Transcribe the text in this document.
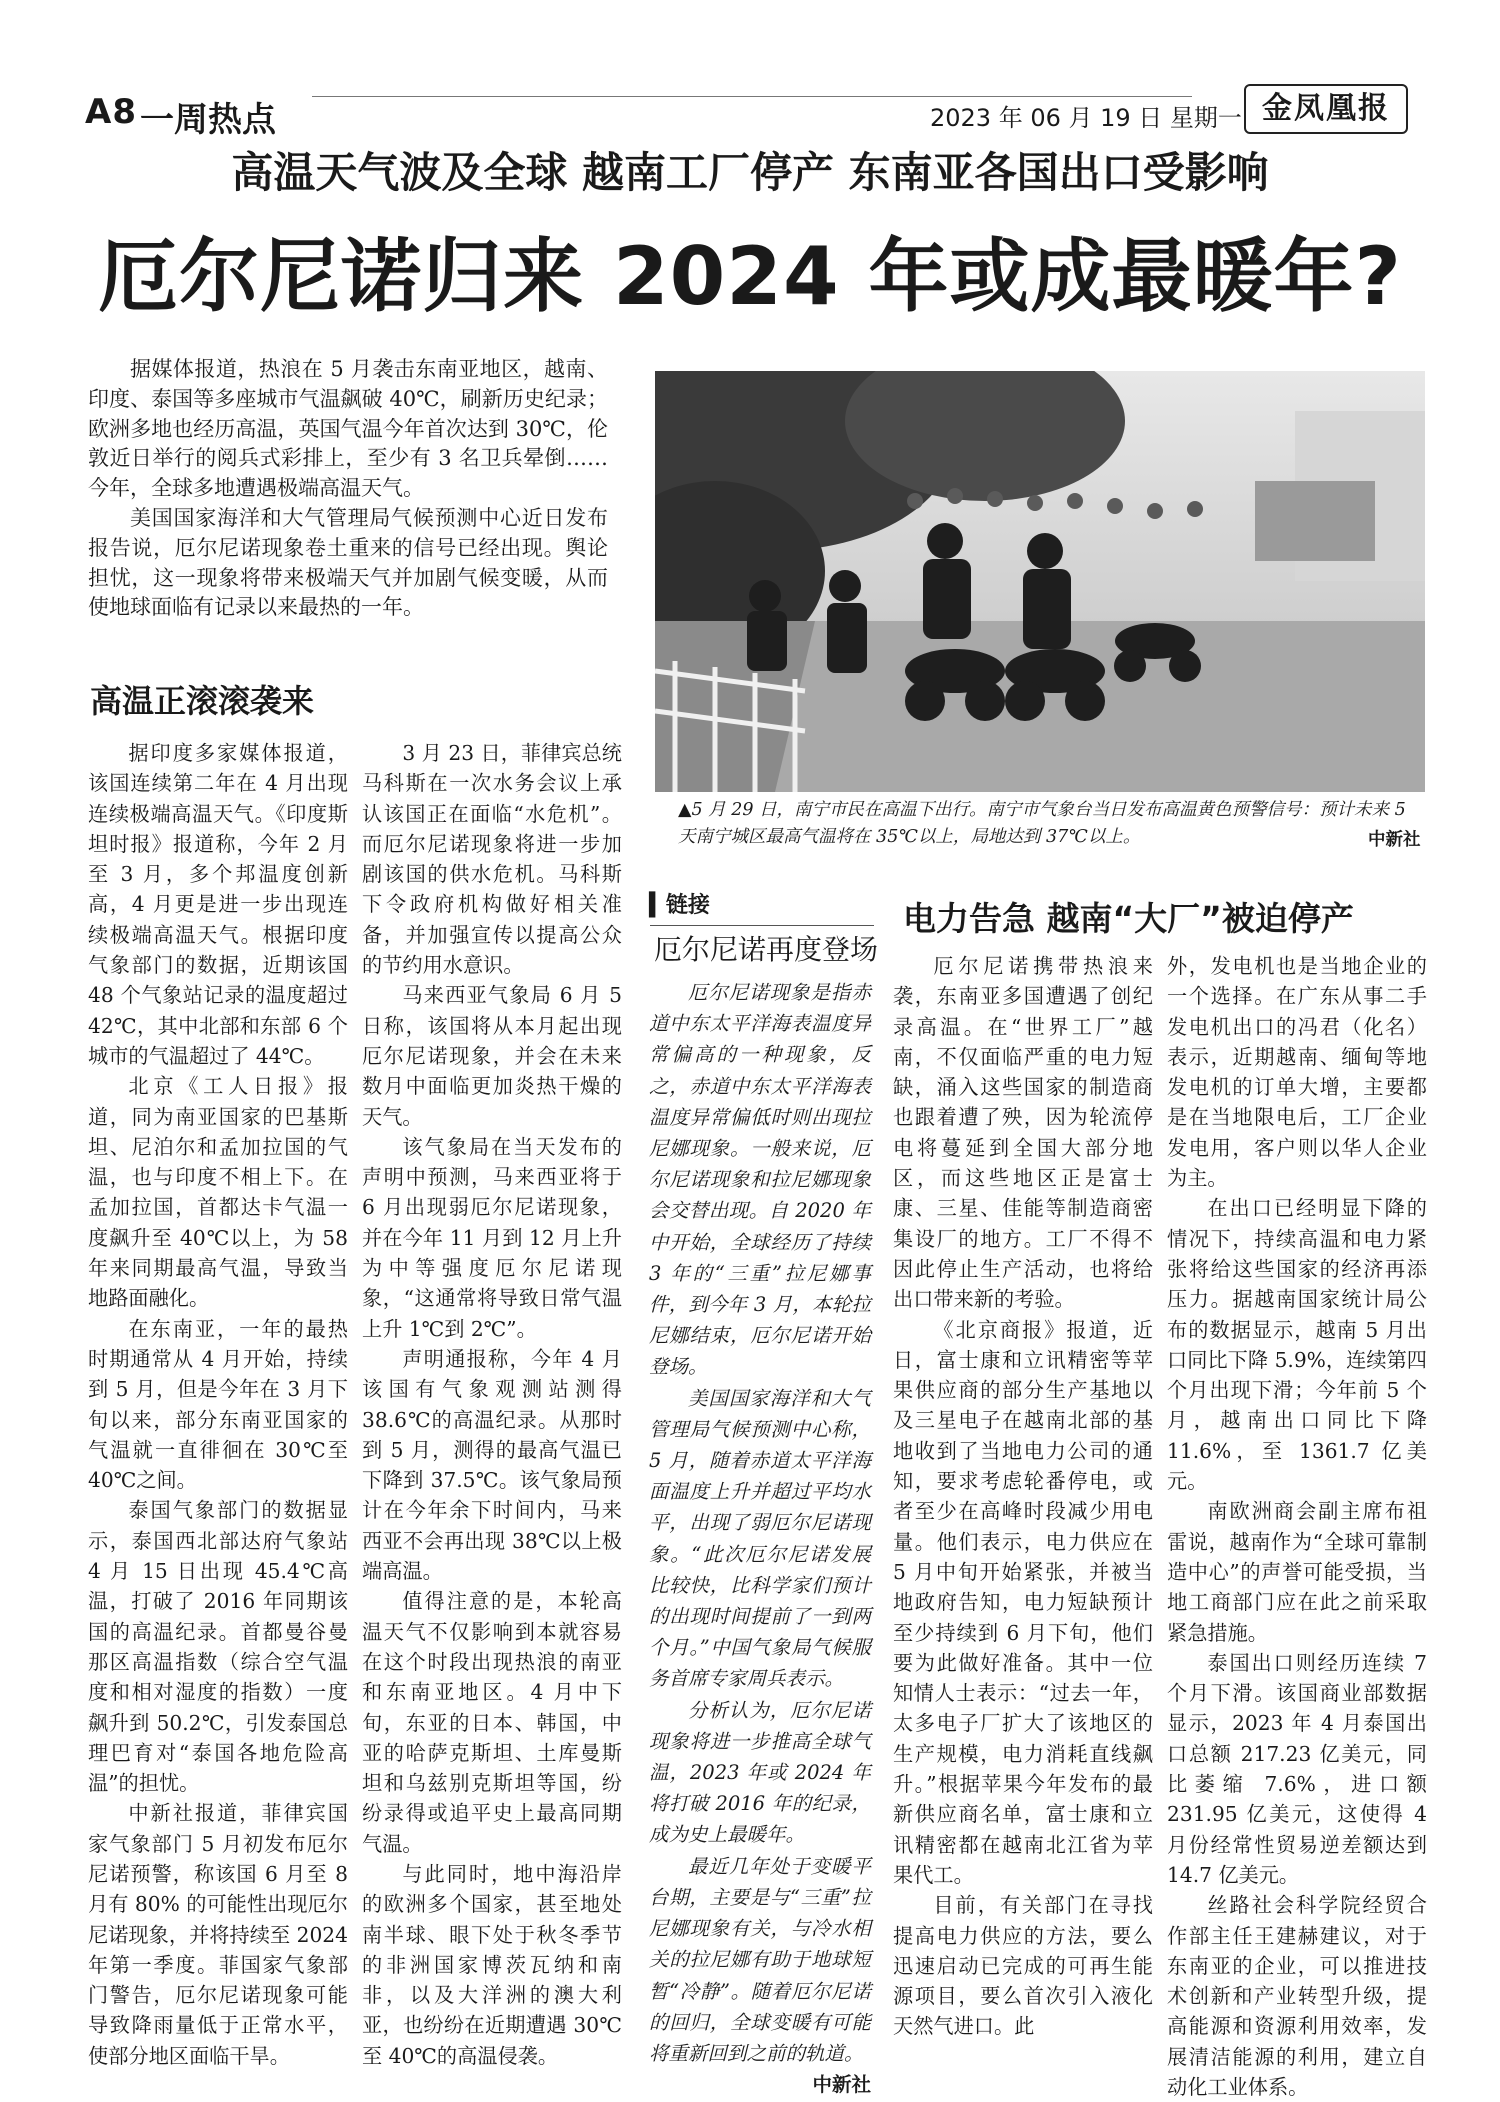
A8 一周热点	2023 年 06 月 19 日 星期一 金凤凰报
高温天气波及全球 越南工厂停产 东南亚各国出口受影响
厄尔尼诺归来 2024 年或成最暖年?

据媒体报道，热浪在 5 月袭击东南亚地区，越南、印度、泰国等多座城市气温飙破 40℃，刷新历史纪录；欧洲多地也经历高温，英国气温今年首次达到 30℃，伦敦近日举行的阅兵式彩排上，至少有 3 名卫兵晕倒……今年，全球多地遭遇极端高温天气。

美国国家海洋和大气管理局气候预测中心近日发布报告说，厄尔尼诺现象卷土重来的信号已经出现。舆论担忧，这一现象将带来极端天气并加剧气候变暖，从而使地球面临有记录以来最热的一年。

▲5 月 29 日，南宁市民在高温下出行。南宁市气象台当日发布高温黄色预警信号：预计未来 5 天南宁城区最高气温将在 35℃以上，局地达到 37℃以上。	中新社
高温正滚滚袭来

据印度多家媒体报道，该国连续第二年在 4 月出现连续极端高温天气。《印度斯坦时报》报道称，今年 2 月至 3 月，多个邦温度创新高，4 月更是进一步出现连续极端高温天气。根据印度气象部门的数据，近期该国 48 个气象站记录的温度超过 42℃，其中北部和东部 6 个城市的气温超过了 44℃。

北京《工人日报》报道，同为南亚国家的巴基斯坦、尼泊尔和孟加拉国的气温，也与印度不相上下。在孟加拉国，首都达卡气温一度飙升至 40℃以上，为 58 年来同期最高气温，导致当地路面融化。

在东南亚，一年的最热时期通常从 4 月开始，持续到 5 月，但是今年在 3 月下旬以来，部分东南亚国家的气温就一直徘徊在 30℃至 40℃之间。

泰国气象部门的数据显示，泰国西北部达府气象站 4 月 15 日出现 45.4℃高温，打破了 2016 年同期该国的高温纪录。首都曼谷曼那区高温指数（综合空气温度和相对湿度的指数）一度飙升到 50.2℃，引发泰国总理巴育对“泰国各地危险高温”的担忧。

中新社报道，菲律宾国家气象部门 5 月初发布厄尔尼诺预警，称该国 6 月至 8 月有 80% 的可能性出现厄尔尼诺现象，并将持续至 2024 年第一季度。菲国家气象部门警告，厄尔尼诺现象可能导致降雨量低于正常水平，使部分地区面临干旱。

3 月 23 日，菲律宾总统马科斯在一次水务会议上承认该国正在面临“水危机”。而厄尔尼诺现象将进一步加剧该国的供水危机。马科斯下令政府机构做好相关准备，并加强宣传以提高公众的节约用水意识。

马来西亚气象局 6 月 5 日称，该国将从本月起出现厄尔尼诺现象，并会在未来数月中面临更加炎热干燥的天气。

该气象局在当天发布的声明中预测，马来西亚将于 6 月出现弱厄尔尼诺现象，并在今年 11 月到 12 月上升为中等强度厄尔尼诺现象，“这通常将导致日常气温上升 1℃到 2℃”。

声明通报称，今年 4 月该国有气象观测站测得 38.6℃的高温纪录。从那时到 5 月，测得的最高气温已下降到 37.5℃。该气象局预计在今年余下时间内，马来西亚不会再出现 38℃以上极端高温。

值得注意的是，本轮高温天气不仅影响到本就容易在这个时段出现热浪的南亚和东南亚地区。4 月中下旬，东亚的日本、韩国，中亚的哈萨克斯坦、土库曼斯坦和乌兹别克斯坦等国，纷纷录得或追平史上最高同期气温。

与此同时，地中海沿岸的欧洲多个国家，甚至地处南半球、眼下处于秋冬季节的非洲国家博茨瓦纳和南非，以及大洋洲的澳大利亚，也纷纷在近期遭遇 30℃至 40℃的高温侵袭。

▍链接
厄尔尼诺再度登场

厄尔尼诺现象是指赤道中东太平洋海表温度异常偏高的一种现象，反之，赤道中东太平洋海表温度异常偏低时则出现拉尼娜现象。一般来说，厄尔尼诺现象和拉尼娜现象会交替出现。自 2020 年中开始，全球经历了持续 3 年的“三重”拉尼娜事件，到今年 3 月，本轮拉尼娜结束，厄尔尼诺开始登场。

美国国家海洋和大气管理局气候预测中心称，5 月，随着赤道太平洋海面温度上升并超过平均水平，出现了弱厄尔尼诺现象。“此次厄尔尼诺发展比较快，比科学家们预计的出现时间提前了一到两个月。”中国气象局气候服务首席专家周兵表示。

分析认为，厄尔尼诺现象将进一步推高全球气温，2023 年或 2024 年将打破 2016 年的纪录，成为史上最暖年。

最近几年处于变暖平台期，主要是与“三重”拉尼娜现象有关，与冷水相关的拉尼娜有助于地球短暂“冷静”。随着厄尔尼诺的回归，全球变暖有可能将重新回到之前的轨道。
中新社

电力告急 越南“大厂”被迫停产

厄尔尼诺携带热浪来袭，东南亚多国遭遇了创纪录高温。在“世界工厂”越南，不仅面临严重的电力短缺，涌入这些国家的制造商也跟着遭了殃，因为轮流停电将蔓延到全国大部分地区，而这些地区正是富士康、三星、佳能等制造商密集设厂的地方。工厂不得不因此停止生产活动，也将给出口带来新的考验。

《北京商报》报道，近日，富士康和立讯精密等苹果供应商的部分生产基地以及三星电子在越南北部的基地收到了当地电力公司的通知，要求考虑轮番停电，或者至少在高峰时段减少用电量。他们表示，电力供应在 5 月中旬开始紧张，并被当地政府告知，电力短缺预计至少持续到 6 月下旬，他们要为此做好准备。其中一位知情人士表示：“过去一年，太多电子厂扩大了该地区的生产规模，电力消耗直线飙升。”根据苹果今年发布的最新供应商名单，富士康和立讯精密都在越南北江省为苹果代工。

目前，有关部门在寻找提高电力供应的方法，要么迅速启动已完成的可再生能源项目，要么首次引入液化天然气进口。此

外，发电机也是当地企业的一个选择。在广东从事二手发电机出口的冯君（化名）表示，近期越南、缅甸等地发电机的订单大增，主要都是在当地限电后，工厂企业发电用，客户则以华人企业为主。

在出口已经明显下降的情况下，持续高温和电力紧张将给这些国家的经济再添压力。据越南国家统计局公布的数据显示，越南 5 月出口同比下降 5.9%，连续第四个月出现下滑；今年前 5 个月，越南出口同比下降 11.6%，至 1361.7 亿美元。

南欧洲商会副主席布祖雷说，越南作为“全球可靠制造中心”的声誉可能受损，当地工商部门应在此之前采取紧急措施。

泰国出口则经历连续 7 个月下滑。该国商业部数据显示，2023 年 4 月泰国出口总额 217.23 亿美元，同比萎缩 7.6%，进口额 231.95 亿美元，这使得 4 月份经常性贸易逆差额达到 14.7 亿美元。

丝路社会科学院经贸合作部主任王建赫建议，对于东南亚的企业，可以推进技术创新和产业转型升级，提高能源和资源利用效率，发展清洁能源的利用，建立自动化工业体系。
